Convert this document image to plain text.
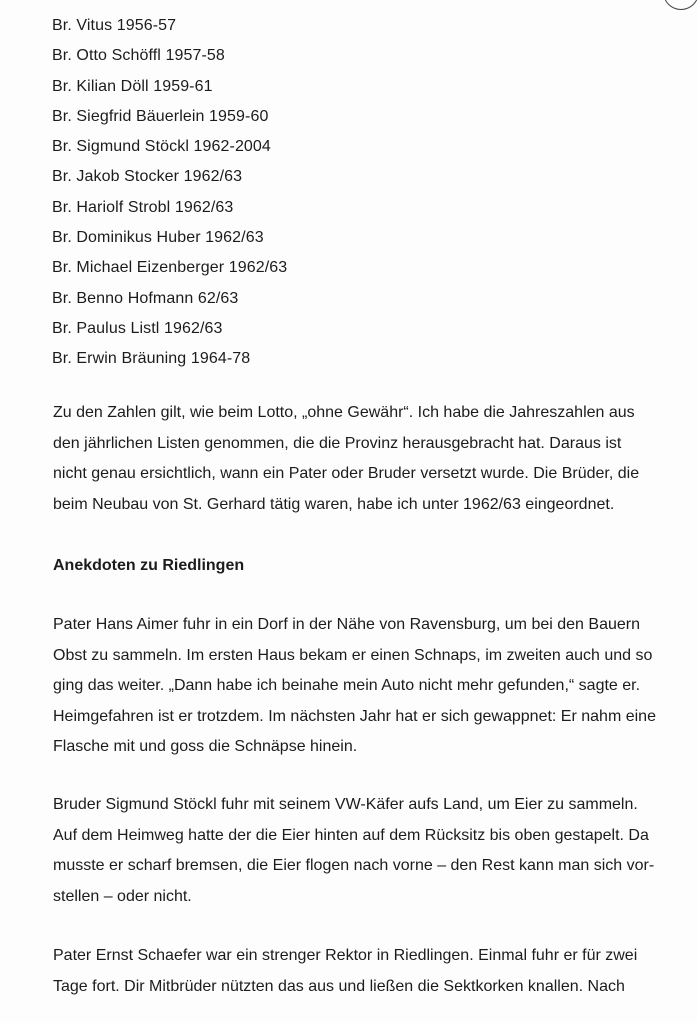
Br. Vitus 1956-57
Br. Otto Schöffl 1957-58
Br. Kilian Döll 1959-61
Br. Siegfrid Bäuerlein 1959-60
Br. Sigmund Stöckl 1962-2004
Br. Jakob Stocker 1962/63
Br. Hariolf Strobl 1962/63
Br. Dominikus Huber 1962/63
Br. Michael Eizenberger 1962/63
Br. Benno Hofmann 62/63
Br. Paulus Listl 1962/63
Br. Erwin Bräuning 1964-78

Zu den Zahlen gilt, wie beim Lotto, „ohne Gewähr“. Ich habe die Jahreszahlen aus
den jährlichen Listen genommen, die die Provinz herausgebracht hat. Daraus ist
nicht genau ersichtlich, wann ein Pater oder Bruder versetzt wurde. Die Brüder, die
beim Neubau von St. Gerhard tätig waren, habe ich unter 1962/63 eingeordnet.

Anekdoten zu Riedlingen

Pater Hans Aimer fuhr in ein Dorf in der Nähe von Ravensburg, um bei den Bauern
Obst zu sammeln. Im ersten Haus bekam er einen Schnaps, im zweiten auch und so
ging das weiter. „Dann habe ich beinahe mein Auto nicht mehr gefunden,“ sagte er.
Heimgefahren ist er trotzdem. Im nächsten Jahr hat er sich gewappnet: Er nahm eine
Flasche mit und goss die Schnäpse hinein.

Bruder Sigmund Stöckl fuhr mit seinem VW-Käfer aufs Land, um Eier zu sammeln.
Auf dem Heimweg hatte der die Eier hinten auf dem Rücksitz bis oben gestapelt. Da
musste er scharf bremsen, die Eier flogen nach vorne – den Rest kann man sich vor-
stellen – oder nicht.

Pater Ernst Schaefer war ein strenger Rektor in Riedlingen. Einmal fuhr er für zwei
Tage fort. Dir Mitbrüder nützten das aus und ließen die Sektkorken knallen. Nach
